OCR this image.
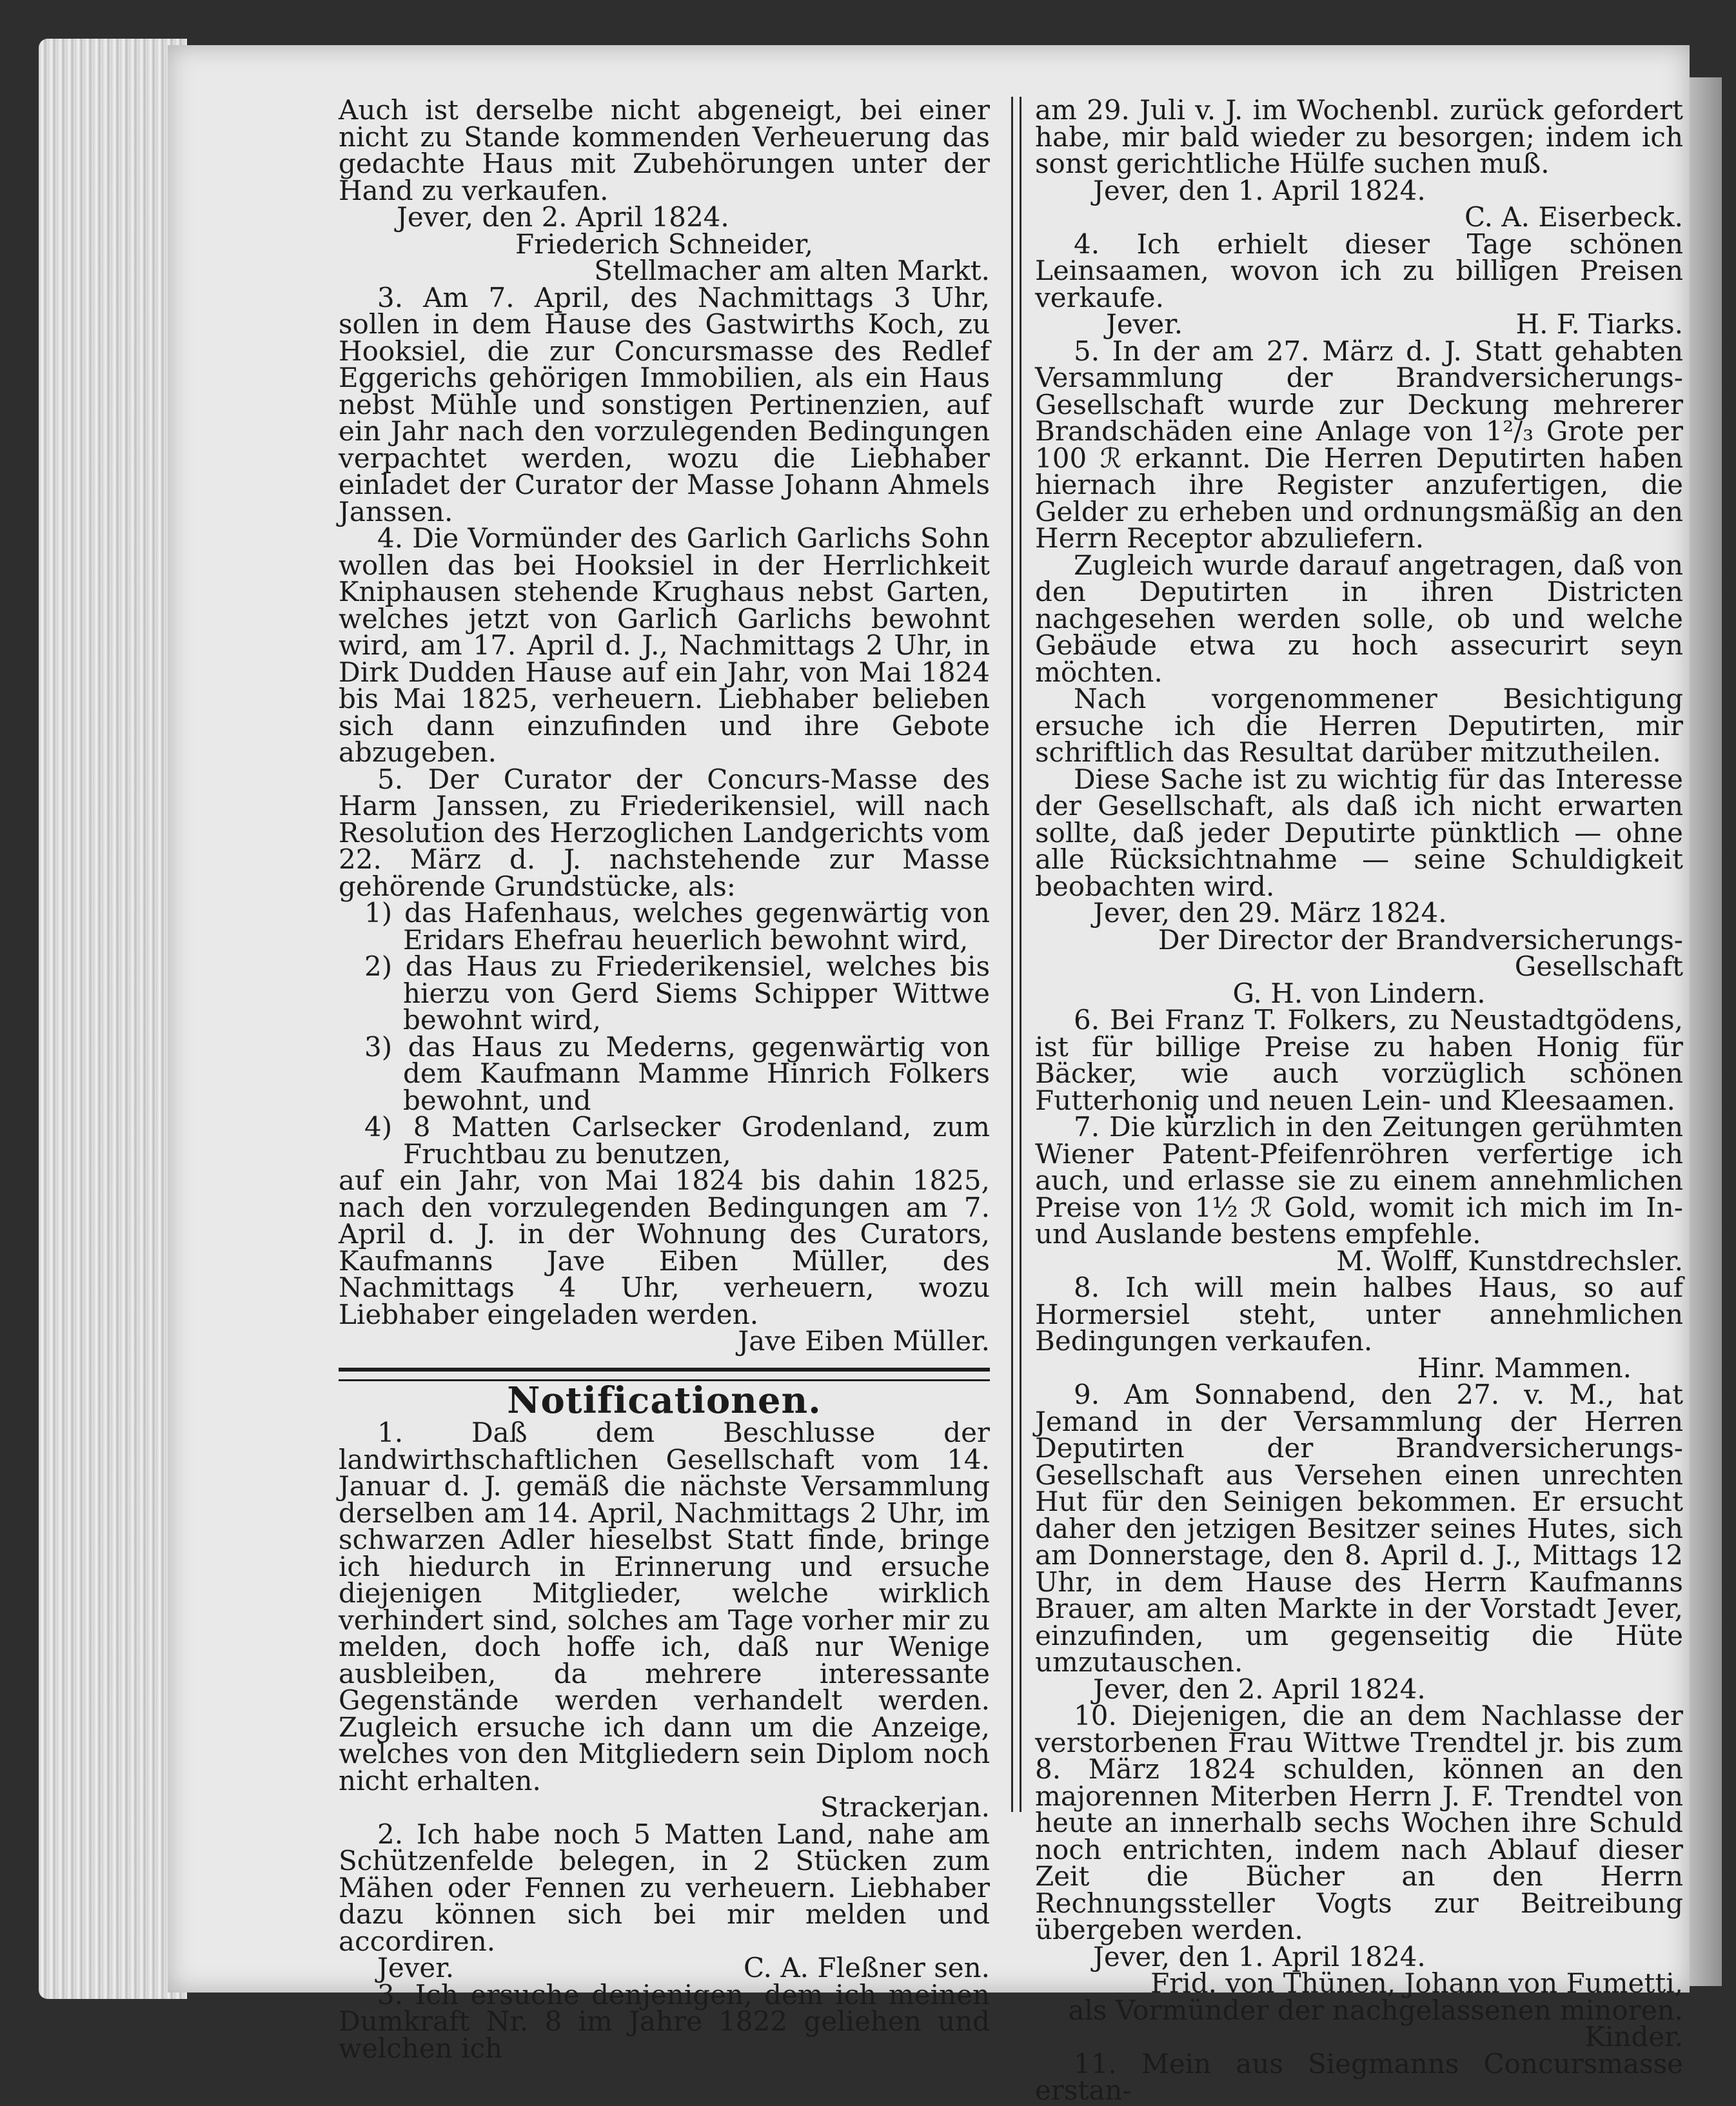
Auch ist derselbe nicht abgeneigt, bei einer nicht zu Stande kommenden Verheuerung das gedachte Haus mit Zubehörungen unter der Hand zu verkaufen.

Jever, den 2. April 1824.

Friederich Schneider,

Stellmacher am alten Markt.

3. Am 7. April, des Nachmittags 3 Uhr, sollen in dem Hause des Gastwirths Koch, zu Hooksiel, die zur Concursmasse des Redlef Eggerichs gehörigen Immobilien, als ein Haus nebst Mühle und sonstigen Pertinenzien, auf ein Jahr nach den vorzulegenden Bedingungen verpachtet werden, wozu die Liebhaber einladet der Curator der Masse Johann Ahmels Janssen.

4. Die Vormünder des Garlich Garlichs Sohn wollen das bei Hooksiel in der Herrlichkeit Kniphausen stehende Krughaus nebst Garten, welches jetzt von Garlich Garlichs bewohnt wird, am 17. April d. J., Nachmittags 2 Uhr, in Dirk Dudden Hause auf ein Jahr, von Mai 1824 bis Mai 1825, verheuern. Liebhaber belieben sich dann einzufinden und ihre Gebote abzugeben.

5. Der Curator der Concurs-Masse des Harm Janssen, zu Friederikensiel, will nach Resolution des Herzoglichen Landgerichts vom 22. März d. J. nachstehende zur Masse gehörende Grundstücke, als:

1) das Hafenhaus, welches gegenwärtig von Eridars Ehefrau heuerlich bewohnt wird,

2) das Haus zu Friederikensiel, welches bis hierzu von Gerd Siems Schipper Wittwe bewohnt wird,

3) das Haus zu Mederns, gegenwärtig von dem Kaufmann Mamme Hinrich Folkers bewohnt, und

4) 8 Matten Carlsecker Grodenland, zum Fruchtbau zu benutzen,

auf ein Jahr, von Mai 1824 bis dahin 1825, nach den vorzulegenden Bedingungen am 7. April d. J. in der Wohnung des Curators, Kaufmanns Jave Eiben Müller, des Nachmittags 4 Uhr, verheuern, wozu Liebhaber eingeladen werden.

Jave Eiben Müller.

Notificationen.

1. Daß dem Beschlusse der landwirthschaftlichen Gesellschaft vom 14. Januar d. J. gemäß die nächste Versammlung derselben am 14. April, Nachmittags 2 Uhr, im schwarzen Adler hieselbst Statt finde, bringe ich hiedurch in Erinnerung und ersuche diejenigen Mitglieder, welche wirklich verhindert sind, solches am Tage vorher mir zu melden, doch hoffe ich, daß nur Wenige ausbleiben, da mehrere interessante Gegenstände werden verhandelt werden. Zugleich ersuche ich dann um die Anzeige, welches von den Mitgliedern sein Diplom noch nicht erhalten.

Strackerjan.

2. Ich habe noch 5 Matten Land, nahe am Schützenfelde belegen, in 2 Stücken zum Mähen oder Fennen zu verheuern. Liebhaber dazu können sich bei mir melden und accordiren.

Jever.	C. A. Fleßner sen.

3. Ich ersuche denjenigen, dem ich meinen Dumkraft Nr. 8 im Jahre 1822 geliehen und welchen ich

am 29. Juli v. J. im Wochenbl. zurück gefordert habe, mir bald wieder zu besorgen; indem ich sonst gerichtliche Hülfe suchen muß.

Jever, den 1. April 1824.

C. A. Eiserbeck.

4. Ich erhielt dieser Tage schönen Leinsaamen, wovon ich zu billigen Preisen verkaufe.

Jever.	H. F. Tiarks.

5. In der am 27. März d. J. Statt gehabten Versammlung der Brandversicherungs-Gesellschaft wurde zur Deckung mehrerer Brandschäden eine Anlage von 1²/₃ Grote per 100 ℛ erkannt. Die Herren Deputirten haben hiernach ihre Register anzufertigen, die Gelder zu erheben und ordnungsmäßig an den Herrn Receptor abzuliefern.

Zugleich wurde darauf angetragen, daß von den Deputirten in ihren Districten nachgesehen werden solle, ob und welche Gebäude etwa zu hoch assecurirt seyn möchten.

Nach vorgenommener Besichtigung ersuche ich die Herren Deputirten, mir schriftlich das Resultat darüber mitzutheilen.

Diese Sache ist zu wichtig für das Interesse der Gesellschaft, als daß ich nicht erwarten sollte, daß jeder Deputirte pünktlich — ohne alle Rücksichtnahme — seine Schuldigkeit beobachten wird.

Jever, den 29. März 1824.

Der Director der Brandversicherungs-Gesellschaft

G. H. von Lindern.

6. Bei Franz T. Folkers, zu Neustadtgödens, ist für billige Preise zu haben Honig für Bäcker, wie auch vorzüglich schönen Futterhonig und neuen Lein- und Kleesaamen.

7. Die kürzlich in den Zeitungen gerühmten Wiener Patent-Pfeifenröhren verfertige ich auch, und erlasse sie zu einem annehmlichen Preise von 1½ ℛ Gold, womit ich mich im In- und Auslande bestens empfehle.

M. Wolff, Kunstdrechsler.

8. Ich will mein halbes Haus, so auf Hormersiel steht, unter annehmlichen Bedingungen verkaufen.

Hinr. Mammen.

9. Am Sonnabend, den 27. v. M., hat Jemand in der Versammlung der Herren Deputirten der Brandversicherungs-Gesellschaft aus Versehen einen unrechten Hut für den Seinigen bekommen. Er ersucht daher den jetzigen Besitzer seines Hutes, sich am Donnerstage, den 8. April d. J., Mittags 12 Uhr, in dem Hause des Herrn Kaufmanns Brauer, am alten Markte in der Vorstadt Jever, einzufinden, um gegenseitig die Hüte umzutauschen.

Jever, den 2. April 1824.

10. Diejenigen, die an dem Nachlasse der verstorbenen Frau Wittwe Trendtel jr. bis zum 8. März 1824 schulden, können an den majorennen Miterben Herrn J. F. Trendtel von heute an innerhalb sechs Wochen ihre Schuld noch entrichten, indem nach Ablauf dieser Zeit die Bücher an den Herrn Rechnungssteller Vogts zur Beitreibung übergeben werden.

Jever, den 1. April 1824.

Frid. von Thünen, Johann von Fumetti,

als Vormünder der nachgelassenen minoren. Kinder.

11. Mein aus Siegmanns Concursmasse erstan-
